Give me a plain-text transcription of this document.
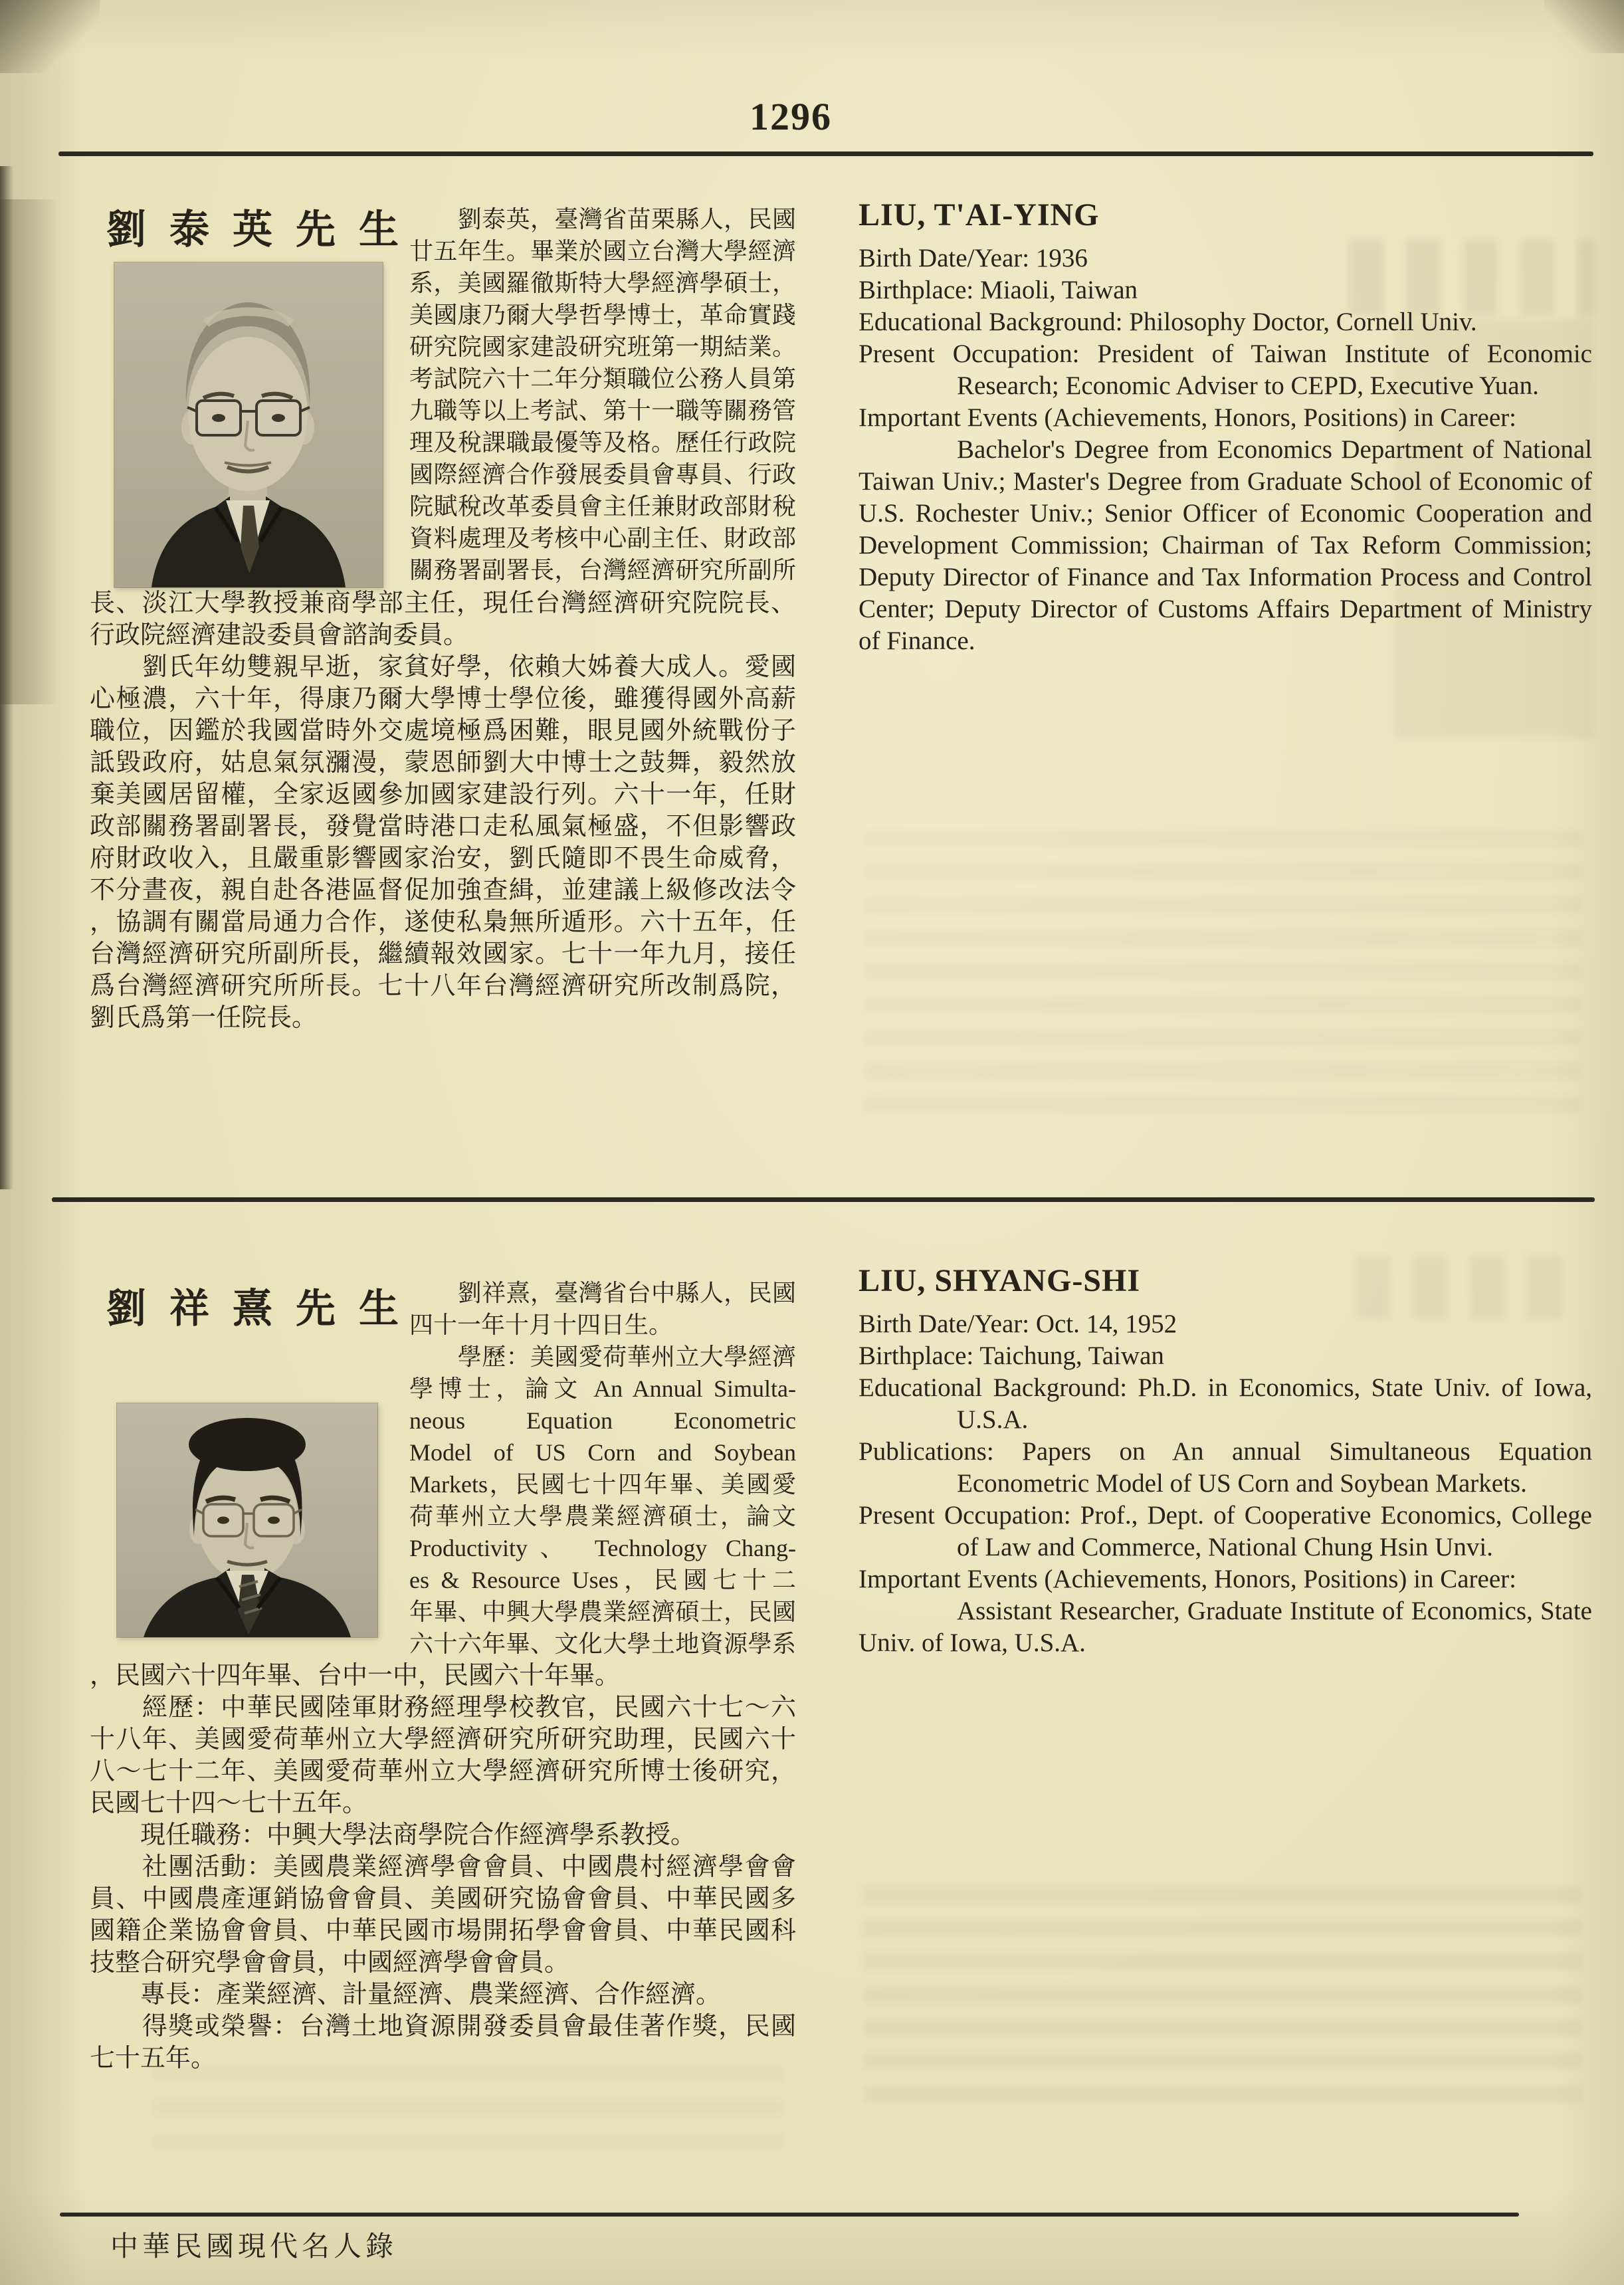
1296
劉 泰 英 先 生 　　劉泰英，臺灣省苗栗縣人，民國
廿五年生。畢業於國立台灣大學經濟
系，美國羅徹斯特大學經濟學碩士，
美國康乃爾大學哲學博士，革命實踐
研究院國家建設研究班第一期結業。
考試院六十二年分類職位公務人員第
九職等以上考試、第十一職等關務管
理及稅課職最優等及格。歷任行政院
國際經濟合作發展委員會專員、行政
院賦稅改革委員會主任兼財政部財稅
資料處理及考核中心副主任、財政部
關務署副署長，台灣經濟研究所副所
長、淡江大學教授兼商學部主任，現任台灣經濟研究院院長、
行政院經濟建設委員會諮詢委員。
　　劉氏年幼雙親早逝，家貧好學，依賴大姊養大成人。愛國
心極濃，六十年，得康乃爾大學博士學位後，雖獲得國外高薪
職位，因鑑於我國當時外交處境極爲困難，眼見國外統戰份子
詆毀政府，姑息氣氛瀰漫，蒙恩師劉大中博士之鼓舞，毅然放
棄美國居留權，全家返國參加國家建設行列。六十一年，任財
政部關務署副署長，發覺當時港口走私風氣極盛，不但影響政
府財政收入，且嚴重影響國家治安，劉氏隨即不畏生命威脅，
不分晝夜，親自赴各港區督促加強查緝，並建議上級修改法令
，協調有關當局通力合作，遂使私梟無所遁形。六十五年，任
台灣經濟研究所副所長，繼續報效國家。七十一年九月，接任
爲台灣經濟研究所所長。七十八年台灣經濟研究所改制爲院，
劉氏爲第一任院長。
LIU, T'AI-YING

Birth Date/Year: 1936

Birthplace: Miaoli, Taiwan

Educational Background: Philosophy Doctor, Cornell Univ.

Present Occupation: President of Taiwan Institute of Economic Research; Economic Adviser to CEPD, Executive Yuan.

Important Events (Achievements, Honors, Positions) in Career:

Bachelor's Degree from Economics Department of National Taiwan Univ.; Master's Degree from Graduate School of Economic of U.S. Rochester Univ.; Senior Officer of Economic Cooperation and Development Commission; Chairman of Tax Reform Commission; Deputy Director of Finance and Tax Information Process and Control Center; Deputy Director of Customs Affairs Department of Ministry of Finance.

劉 祥 熹 先 生 　　劉祥熹，臺灣省台中縣人，民國
四十一年十月十四日生。
　　學歷：美國愛荷華州立大學經濟
學博士，論文 An Annual Simulta-
neous Equation Econometric
Model of US Corn and Soybean
Markets，民國七十四年畢、美國愛
荷華州立大學農業經濟碩士，論文
Productivity、 Technology Chang-
es & Resource Uses，民國七十二
年畢、中興大學農業經濟碩士，民國
六十六年畢、文化大學土地資源學系
，民國六十四年畢、台中一中，民國六十年畢。
　　經歷：中華民國陸軍財務經理學校教官，民國六十七～六
十八年、美國愛荷華州立大學經濟研究所研究助理，民國六十
八～七十二年、美國愛荷華州立大學經濟研究所博士後研究，
民國七十四～七十五年。
　　現任職務：中興大學法商學院合作經濟學系教授。
　　社團活動：美國農業經濟學會會員、中國農村經濟學會會
員、中國農產運銷協會會員、美國研究協會會員、中華民國多
國籍企業協會會員、中華民國市場開拓學會會員、中華民國科
技整合研究學會會員，中國經濟學會會員。
　　專長：產業經濟、計量經濟、農業經濟、合作經濟。
　　得獎或榮譽：台灣土地資源開發委員會最佳著作獎，民國
七十五年。
LIU, SHYANG-SHI

Birth Date/Year: Oct. 14, 1952

Birthplace: Taichung, Taiwan

Educational Background: Ph.D. in Economics, State Univ. of Iowa, U.S.A.

Publications: Papers on An annual Simultaneous Equation Econometric Model of US Corn and Soybean Markets.

Present Occupation: Prof., Dept. of Cooperative Economics, College of Law and Commerce, National Chung Hsin Unvi.

Important Events (Achievements, Honors, Positions) in Career:

Assistant Researcher, Graduate Institute of Economics, State Univ. of Iowa, U.S.A.

中華民國現代名人錄
